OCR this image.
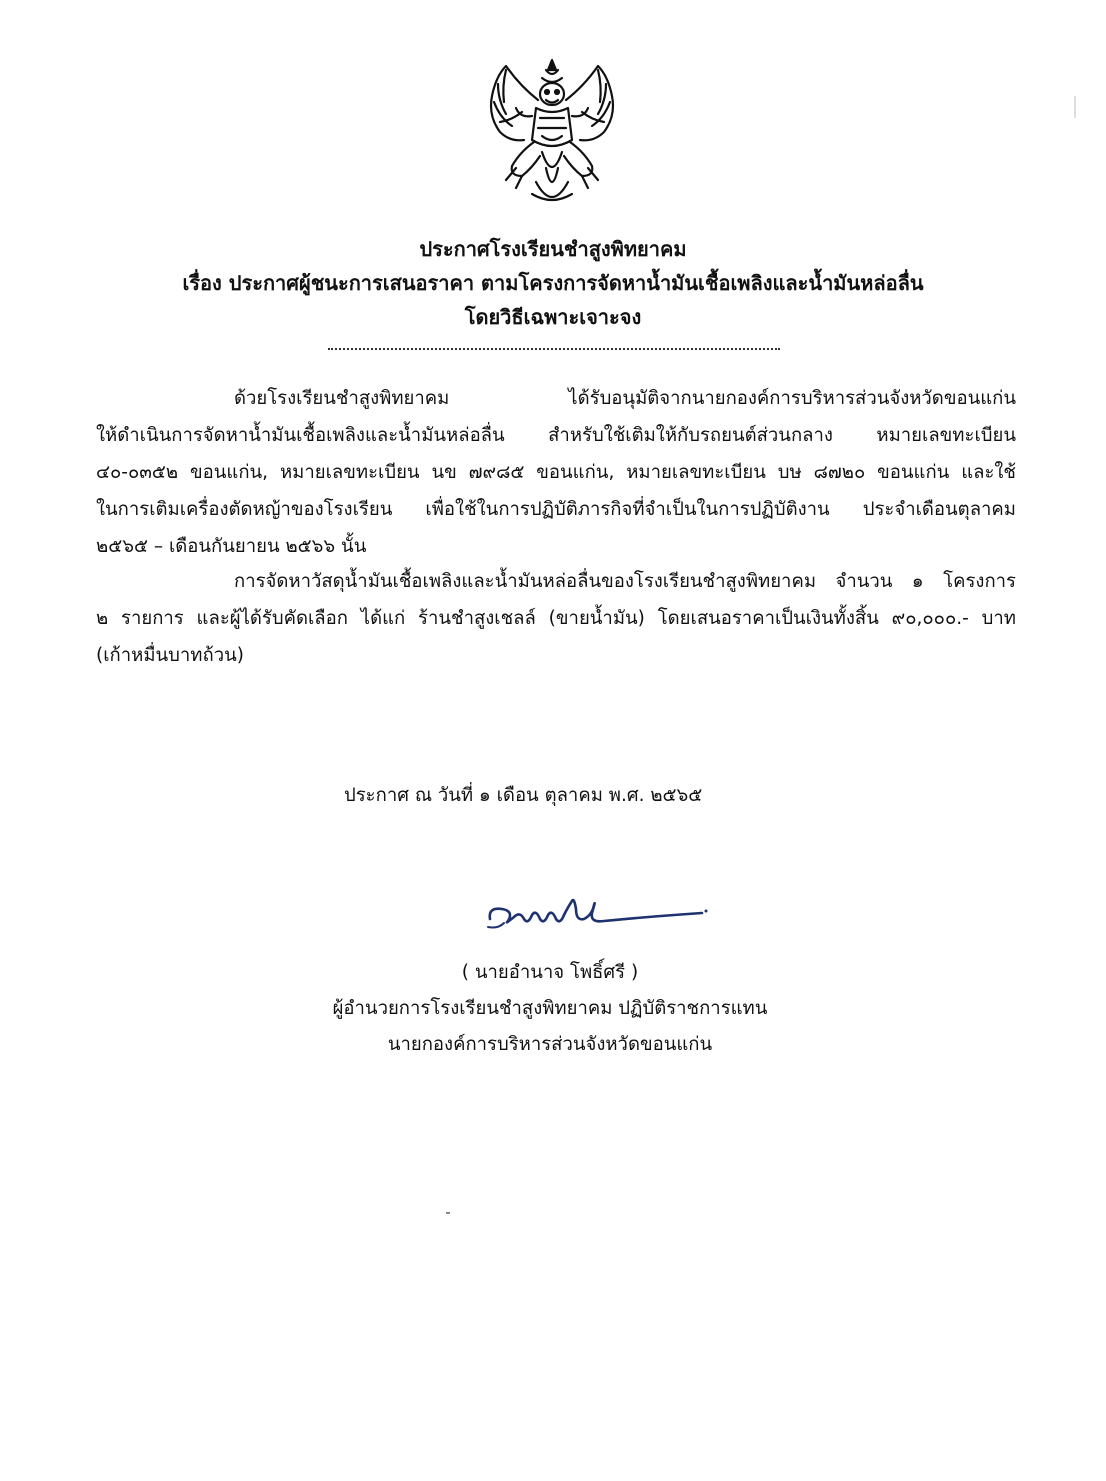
ประกาศโรงเรียนชำสูงพิทยาคม
เรื่อง ประกาศผู้ชนะการเสนอราคา ตามโครงการจัดหาน้ำมันเชื้อเพลิงและน้ำมันหล่อลื่น
โดยวิธีเฉพาะเจาะจง
ด้วยโรงเรียนชำสูงพิทยาคม ได้รับอนุมัติจากนายกองค์การบริหารส่วนจังหวัดขอนแก่น
ให้ดำเนินการจัดหาน้ำมันเชื้อเพลิงและน้ำมันหล่อลื่น สำหรับใช้เติมให้กับรถยนต์ส่วนกลาง หมายเลขทะเบียน
๔๐-๐๓๕๒ ขอนแก่น, หมายเลขทะเบียน นข ๗๙๘๕ ขอนแก่น, หมายเลขทะเบียน บษ ๘๗๒๐ ขอนแก่น และใช้
ในการเติมเครื่องตัดหญ้าของโรงเรียน เพื่อใช้ในการปฏิบัติภารกิจที่จำเป็นในการปฏิบัติงาน ประจำเดือนตุลาคม
๒๕๖๕ – เดือนกันยายน ๒๕๖๖ นั้น
การจัดหาวัสดุน้ำมันเชื้อเพลิงและน้ำมันหล่อลื่นของโรงเรียนชำสูงพิทยาคม จำนวน ๑ โครงการ
๒ รายการ และผู้ได้รับคัดเลือก ได้แก่ ร้านชำสูงเชลล์ (ขายน้ำมัน) โดยเสนอราคาเป็นเงินทั้งสิ้น ๙๐,๐๐๐.- บาท
(เก้าหมื่นบาทถ้วน)
ประกาศ ณ วันที่ ๑ เดือน ตุลาคม พ.ศ. ๒๕๖๕
( นายอำนาจ โพธิ์ศรี )
ผู้อำนวยการโรงเรียนชำสูงพิทยาคม ปฏิบัติราชการแทน
นายกองค์การบริหารส่วนจังหวัดขอนแก่น
